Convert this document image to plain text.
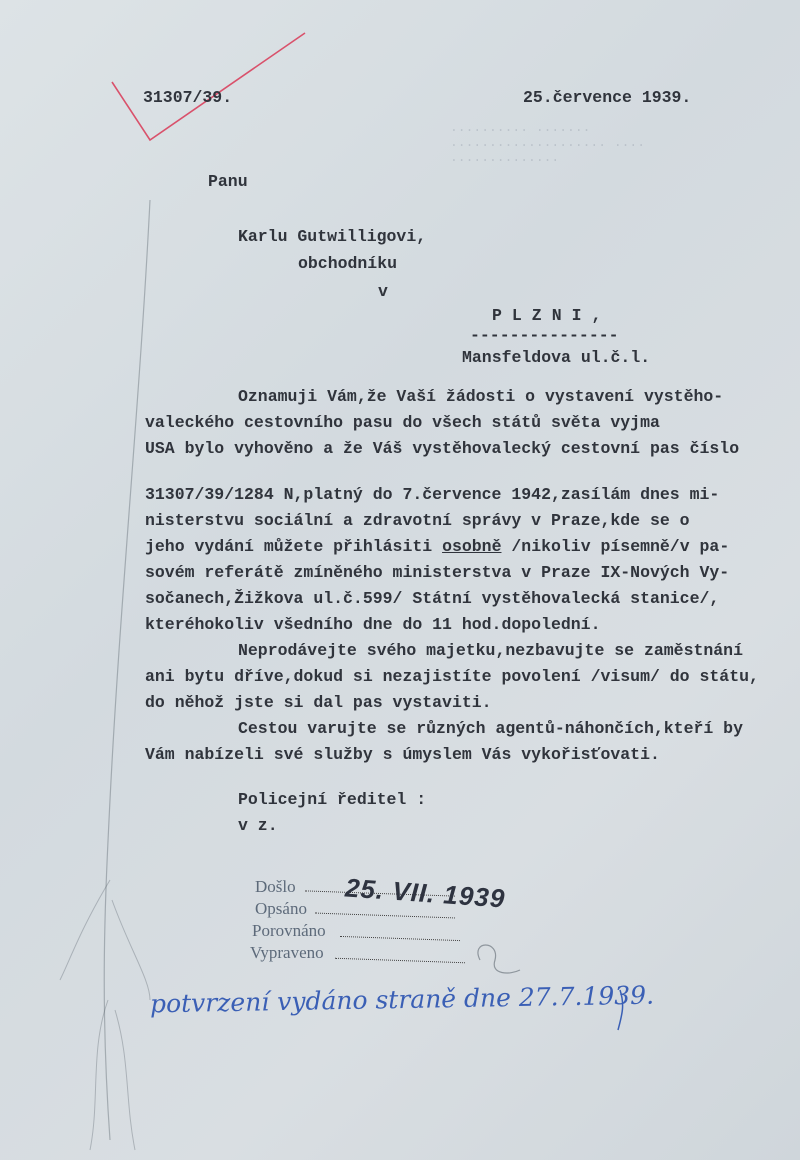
.......... .......
.................... ....
..............
31307/39.	25.července 1939.
Panu
Karlu Gutwilligovi,
obchodníku
v
PLZNI,
---------------
Mansfeldova ul.č.l.
Oznamuji Vám,že Vaší žádosti o vystavení vystěho-
valeckého cestovního pasu do všech států světa vyjma
USA bylo vyhověno a že Váš vystěhovalecký cestovní pas číslo
31307/39/1284 N,platný do 7.července 1942,zasílám dnes mi-
nisterstvu sociální a zdravotní správy v Praze,kde se o
jeho vydání můžete přihlásiti osobně /nikoliv písemně/v pa-
sovém referátě zmíněného ministerstva v Praze IX-Nových Vy-
sočanech,Žižkova ul.č.599/ Státní vystěhovalecká stanice/,
kteréhokoliv všedního dne do 11 hod.dopolední.
Neprodávejte svého majetku,nezbavujte se zaměstnání
ani bytu dříve,dokud si nezajistíte povolení /visum/ do státu,
do něhož jste si dal pas vystaviti.
Cestou varujte se různých agentů-náhončích,kteří by
Vám nabízeli své služby s úmyslem Vás vykořisťovati.
Policejní ředitel :
v z.
Došlo
Opsáno
Porovnáno
Vypraveno
25. VII. 1939
potvrzení vydáno straně dne 27.7.1939.
